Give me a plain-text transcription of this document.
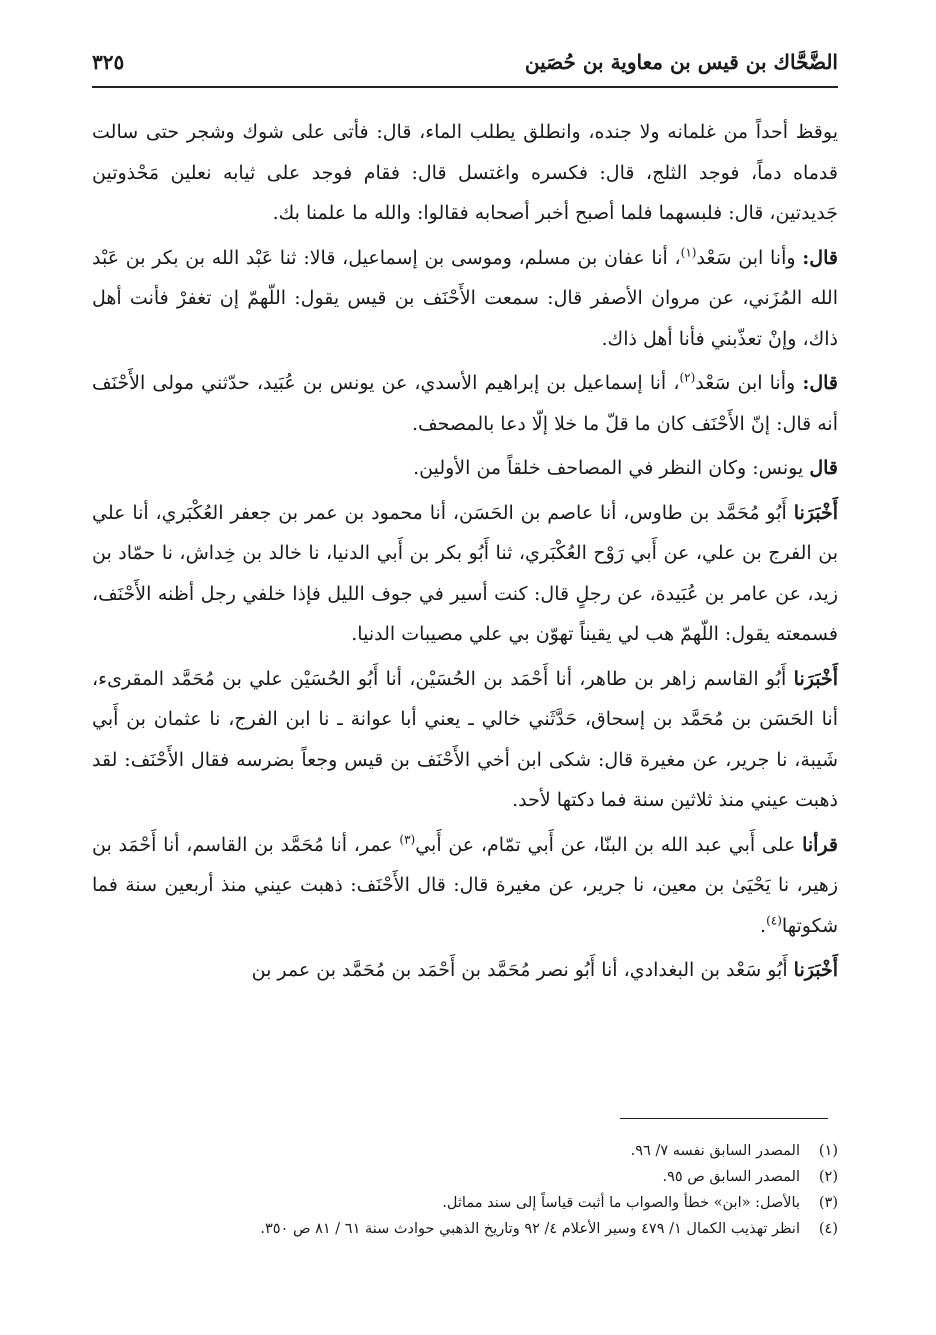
الضَّحَّاك بن قيس بن معاوية بن حُصَين
٣٢٥

يوقظ أحداً من غلمانه ولا جنده، وانطلق يطلب الماء، قال: فأتى على شوك وشجر حتى سالت قدماه دماً، فوجد الثلج، قال: فكسره واغتسل قال: فقام فوجد على ثيابه نعلين مَحْذوتين جَديدتين، قال: فلبسهما فلما أصبح أخبر أصحابه فقالوا: والله ما علمنا بك.

قال: وأنا ابن سَعْد$^{(١)}$، أنا عفان بن مسلم، وموسى بن إسماعيل، قالا: ثنا عَبْد الله بن بكر بن عَبْد الله المُزَني، عن مروان الأصفر قال: سمعت الأَحْنَف بن قيس يقول: اللّهمّ إن تغفرْ فأنت أهل ذاك، وإنْ تعذّبني فأنا أهل ذاك.

قال: وأنا ابن سَعْد$^{(٢)}$، أنا إسماعيل بن إبراهيم الأسدي، عن يونس بن عُبَيد، حدّثني مولى الأَحْنَف أنه قال: إنّ الأَحْنَف كان ما قلّ ما خلا إلّا دعا بالمصحف.

قال يونس: وكان النظر في المصاحف خلقاً من الأولين.

أَخْبَرَنا أَبُو مُحَمَّد بن طاوس، أنا عاصم بن الحَسَن، أنا محمود بن عمر بن جعفر العُكْبَري، أنا علي بن الفرج بن علي، عن أَبي رَوْح العُكْبَري، ثنا أَبُو بكر بن أَبي الدنيا، نا خالد بن خِداش، نا حمّاد بن زيد، عن عامر بن عُبَيدة، عن رجلٍ قال: كنت أسير في جوف الليل فإذا خلفي رجل أظنه الأَحْنَف، فسمعته يقول: اللّهمّ هب لي يقيناً تهوّن بي علي مصيبات الدنيا.

أَخْبَرَنا أَبُو القاسم زاهر بن طاهر، أنا أَحْمَد بن الحُسَيْن، أنا أَبُو الحُسَيْن علي بن مُحَمَّد المقرىء، أنا الحَسَن بن مُحَمَّد بن إسحاق، حَدَّثَني خالي ـ يعني أبا عوانة ـ نا ابن الفرج، نا عثمان بن أَبي شَيبة، نا جرير، عن مغيرة قال: شكى ابن أخي الأَحْنَف بن قيس وجعاً بضرسه فقال الأَحْنَف: لقد ذهبت عيني منذ ثلاثين سنة فما دكتها لأحد.

قرأنا على أَبي عبد الله بن البنّا، عن أَبي تمّام، عن أَبي$^{(٣)}$ عمر، أنا مُحَمَّد بن القاسم، أنا أَحْمَد بن زهير، نا يَحْيَىٰ بن معين، نا جرير، عن مغيرة قال: قال الأَحْنَف: ذهبت عيني منذ أربعين سنة فما شكوتها$^{(٤)}$.

أَخْبَرَنا أَبُو سَعْد بن البغدادي، أنا أَبُو نصر مُحَمَّد بن أَحْمَد بن مُحَمَّد بن عمر بن

(١)
المصدر السابق نفسه ٧/ ٩٦.
(٢)
المصدر السابق ص ٩٥.
(٣)
بالأصل: «ابن» خطأ والصواب ما أثبت قياساً إلى سند مماثل.
(٤)
انظر تهذيب الكمال ١/ ٤٧٩ وسير الأعلام ٤/ ٩٢ وتاريخ الذهبي حوادث سنة ٦١ / ٨١ ص ٣٥٠.
